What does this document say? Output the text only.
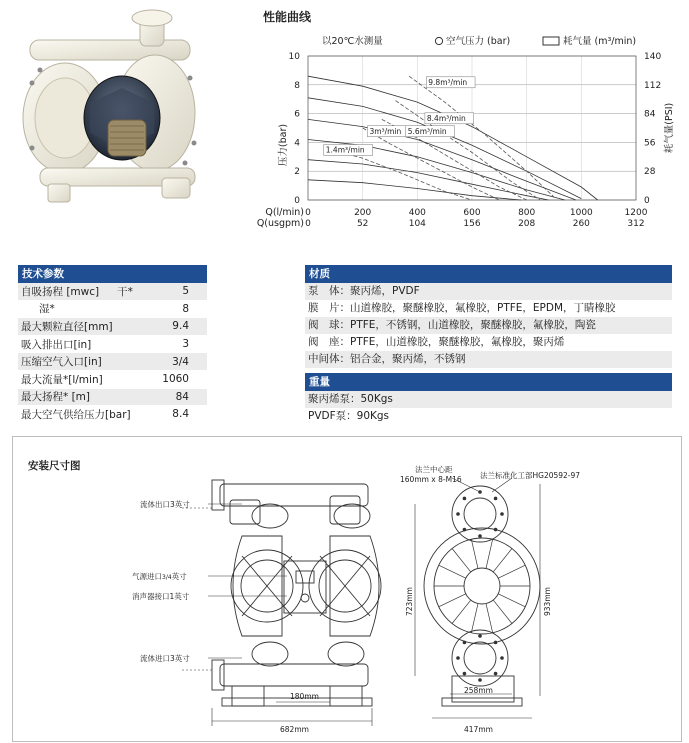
性能曲线
以20℃水测量	空气压力 (bar)	耗气量 (m³/min)
压力(bar)	耗气量(PSI)
Q(l/min)
Q(usgpm)
0	0
2	28
4	56
6	84
8	112
10	140
0
0
200
52
400
104
600
156
800
208
1000
260
1200
312
9.8m³/min
8.4m³/min
3m³/min 5.6m³/min
1.4m³/min
技术参数
自吸扬程 [mwc] 干*	5
湿*	8
最大颗粒直径[mm]	9.4
吸入排出口[in]	3
压缩空气入口[in]	3/4
最大流量*[l/min]	1060
最大扬程* [m]	84
最大空气供给压力[bar]	8.4
材质
泵　体：聚丙烯，PVDF
膜　片：山道橡胶，聚醚橡胶，氟橡胶，PTFE，EPDM，丁睛橡胶
阀　球：PTFE，不锈钢，山道橡胶，聚醚橡胶，氟橡胶，陶瓷
阀　座：PTFE，山道橡胶，聚醚橡胶，氟橡胶，聚丙烯
中间体：铝合金，聚丙烯，不锈钢
重量
聚丙烯泵：50Kgs
PVDF泵：90Kgs
安装尺寸图
流体出口3英寸
气源进口3/4英寸
消声器接口1英寸
流体进口3英寸
法兰中心距
160mm x 8-M16 法兰标准化工部HG20592-97
180mm
682mm
258mm
417mm
723mm	933mm
